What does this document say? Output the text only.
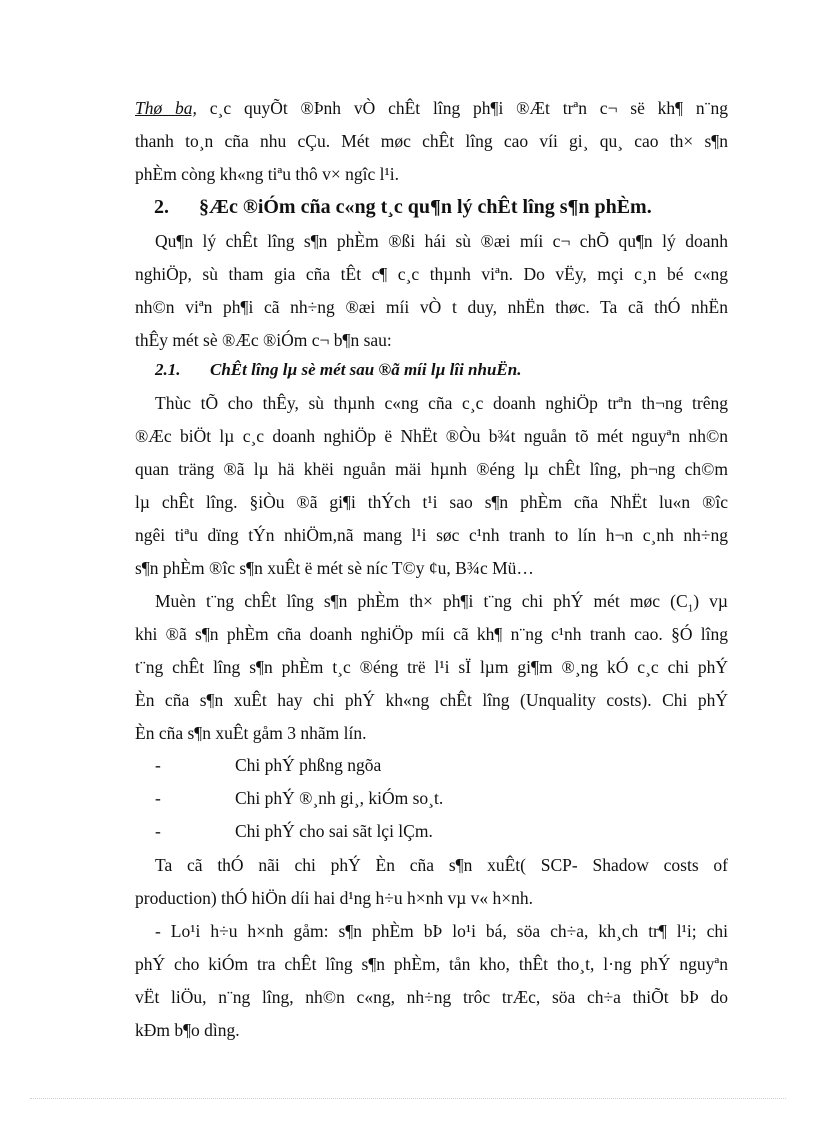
Thø ba, c¸c quyÕt ®Þnh vÒ chÊt lîng ph¶i ®Æt trªn c¬ së kh¶ n¨ng
thanh to¸n cña nhu cÇu. Mét møc chÊt lîng cao víi gi¸ qu¸ cao th× s¶n
phÈm còng kh«ng tiªu thô v× ngîc l¹i.
2. §Æc ®iÓm cña c«ng t¸c qu¶n lý chÊt lîng s¶n phÈm.
Qu¶n lý chÊt lîng s¶n phÈm ®ßi hái sù ®æi míi c¬ chÕ qu¶n lý doanh
nghiÖp, sù tham gia cña tÊt c¶ c¸c thµnh viªn. Do vËy, mçi c¸n bé c«ng
nh©n viªn ph¶i cã nh÷ng ®æi míi vÒ t duy, nhËn thøc. Ta cã thÓ nhËn
thÊy mét sè ®Æc ®iÓm c¬ b¶n sau:
2.1. ChÊt lîng lµ sè mét sau ®ã míi lµ lîi nhuËn.
Thùc tÕ cho thÊy, sù thµnh c«ng cña c¸c doanh nghiÖp trªn th¬ng trêng
®Æc biÖt lµ c¸c doanh nghiÖp ë NhËt ®Òu b¾t nguån tõ mét nguyªn nh©n
quan träng ®ã lµ hä khëi nguån mäi hµnh ®éng lµ chÊt lîng, ph¬ng ch©m
lµ chÊt lîng. §iÒu ®ã gi¶i thÝch t¹i sao s¶n phÈm cña NhËt lu«n ®îc
ngêi tiªu dïng tÝn nhiÖm,nã mang l¹i søc c¹nh tranh to lín h¬n c¸nh nh÷ng
s¶n phÈm ®îc s¶n xuÊt ë mét sè níc T©y ¢u, B¾c Mü…
Muèn t¨ng chÊt lîng s¶n phÈm th× ph¶i t¨ng chi phÝ mét møc $(C_1)$ vµ
khi ®ã s¶n phÈm cña doanh nghiÖp míi cã kh¶ n¨ng c¹nh tranh cao. §Ó lîng
t¨ng chÊt lîng s¶n phÈm t¸c ®éng trë l¹i sÏ lµm gi¶m ®¸ng kÓ c¸c chi phÝ
Èn cña s¶n xuÊt hay chi phÝ kh«ng chÊt lîng (Unquality costs). Chi phÝ
Èn cña s¶n xuÊt gåm 3 nhãm lín.
-	Chi phÝ phßng ngõa
-	Chi phÝ ®¸nh gi¸, kiÓm so¸t.
-	Chi phÝ cho sai sãt lçi lÇm.
Ta cã thÓ nãi chi phÝ Èn cña s¶n xuÊt( SCP- Shadow costs of
production) thÓ hiÖn díi hai d¹ng h÷u h×nh vµ v« h×nh.
- Lo¹i h÷u h×nh gåm: s¶n phÈm bÞ lo¹i bá, söa ch÷a, kh¸ch tr¶ l¹i; chi
phÝ cho kiÓm tra chÊt lîng s¶n phÈm, tån kho, thÊt tho¸t, l·ng phÝ nguyªn
vËt liÖu, n¨ng lîng, nh©n c«ng, nh÷ng trôc trÆc, söa ch÷a thiÕt bÞ do
kÐm b¶o dìng.
